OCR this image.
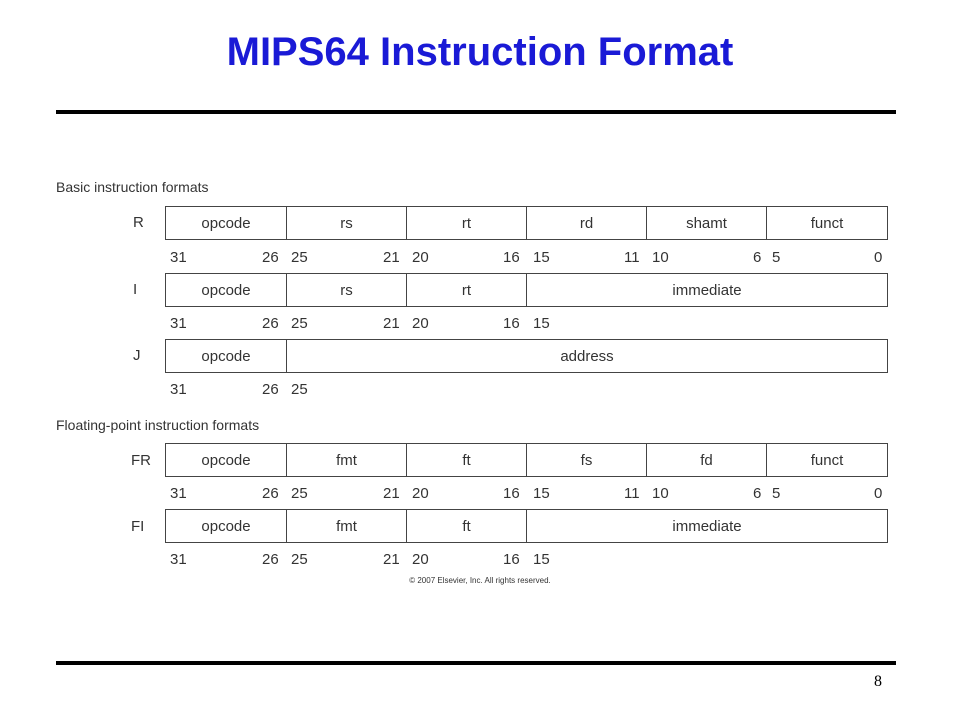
MIPS64 Instruction Format
Basic instruction formats
R	opcode	rs	rt	rd	shamt	funct
31	26 25	21 20	16 15	11 10	6 5	0
I	opcode	rs	rt	immediate
31	26 25	21 20	16 15
J	opcode	address
31	26 25
Floating-point instruction formats
FR	opcode	fmt	ft	fs	fd	funct
31	26 25	21 20	16 15	11 10	6 5	0
FI	opcode	fmt	ft	immediate
31	26 25	21 20	16 15
© 2007 Elsevier, Inc. All rights reserved.
8
